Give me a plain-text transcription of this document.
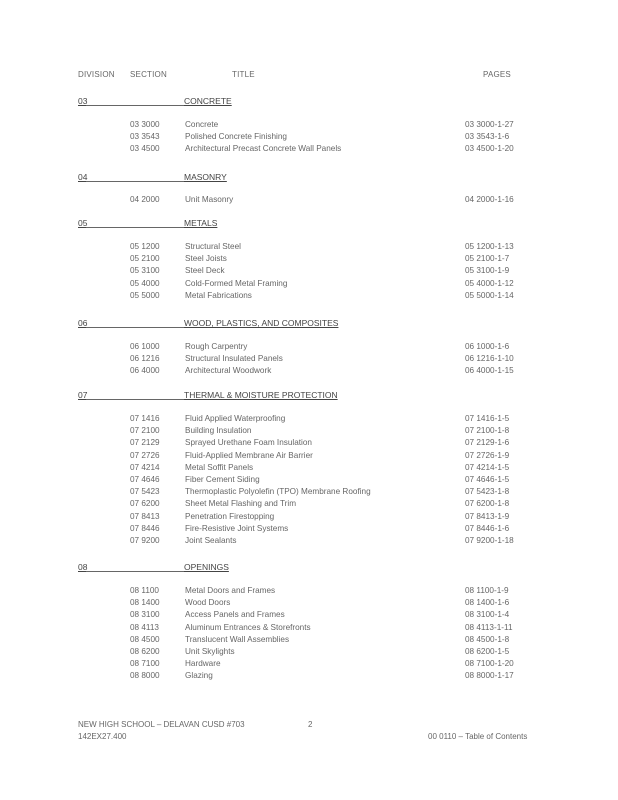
DIVISION SECTION	TITLE	PAGES
03	CONCRETE
03 3000	Concrete	03 3000-1-27
03 3543	Polished Concrete Finishing	03 3543-1-6
03 4500	Architectural Precast Concrete Wall Panels	03 4500-1-20
04	MASONRY
04 2000	Unit Masonry	04 2000-1-16
05	METALS
05 1200	Structural Steel	05 1200-1-13
05 2100	Steel Joists	05 2100-1-7
05 3100	Steel Deck	05 3100-1-9
05 4000	Cold-Formed Metal Framing	05 4000-1-12
05 5000	Metal Fabrications	05 5000-1-14
06	WOOD, PLASTICS, AND COMPOSITES
06 1000	Rough Carpentry	06 1000-1-6
06 1216	Structural Insulated Panels	06 1216-1-10
06 4000	Architectural Woodwork	06 4000-1-15
07	THERMAL & MOISTURE PROTECTION
07 1416	Fluid Applied Waterproofing	07 1416-1-5
07 2100	Building Insulation	07 2100-1-8
07 2129	Sprayed Urethane Foam Insulation	07 2129-1-6
07 2726	Fluid-Applied Membrane Air Barrier	07 2726-1-9
07 4214	Metal Soffit Panels	07 4214-1-5
07 4646	Fiber Cement Siding	07 4646-1-5
07 5423	Thermoplastic Polyolefin (TPO) Membrane Roofing	07 5423-1-8
07 6200	Sheet Metal Flashing and Trim	07 6200-1-8
07 8413	Penetration Firestopping	07 8413-1-9
07 8446	Fire-Resistive Joint Systems	07 8446-1-6
07 9200	Joint Sealants	07 9200-1-18
08	OPENINGS
08 1100	Metal Doors and Frames	08 1100-1-9
08 1400	Wood Doors	08 1400-1-6
08 3100	Access Panels and Frames	08 3100-1-4
08 4113	Aluminum Entrances & Storefronts	08 4113-1-11
08 4500	Translucent Wall Assemblies	08 4500-1-8
08 6200	Unit Skylights	08 6200-1-5
08 7100	Hardware	08 7100-1-20
08 8000	Glazing	08 8000-1-17
NEW HIGH SCHOOL – DELAVAN CUSD #703
142EX27.400
2
00 0110 – Table of Contents
